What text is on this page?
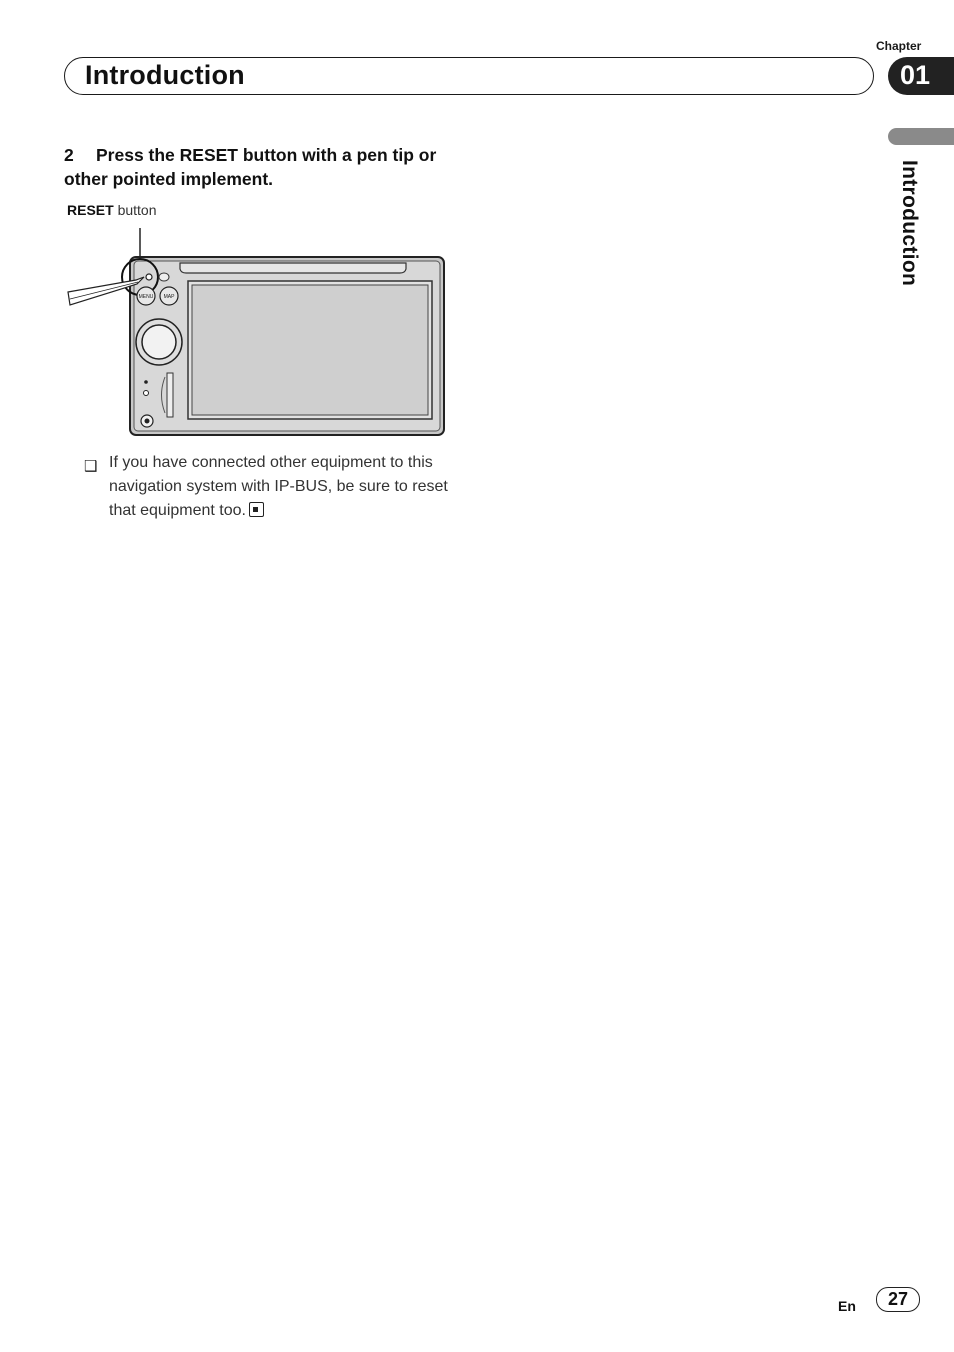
Chapter
Introduction	01
Introduction
2 Press the RESET button with a pen tip or other pointed implement.
RESET button
MENU MAP
❑ If you have connected other equipment to this navigation system with IP-BUS, be sure to reset that equipment too.
En	27
